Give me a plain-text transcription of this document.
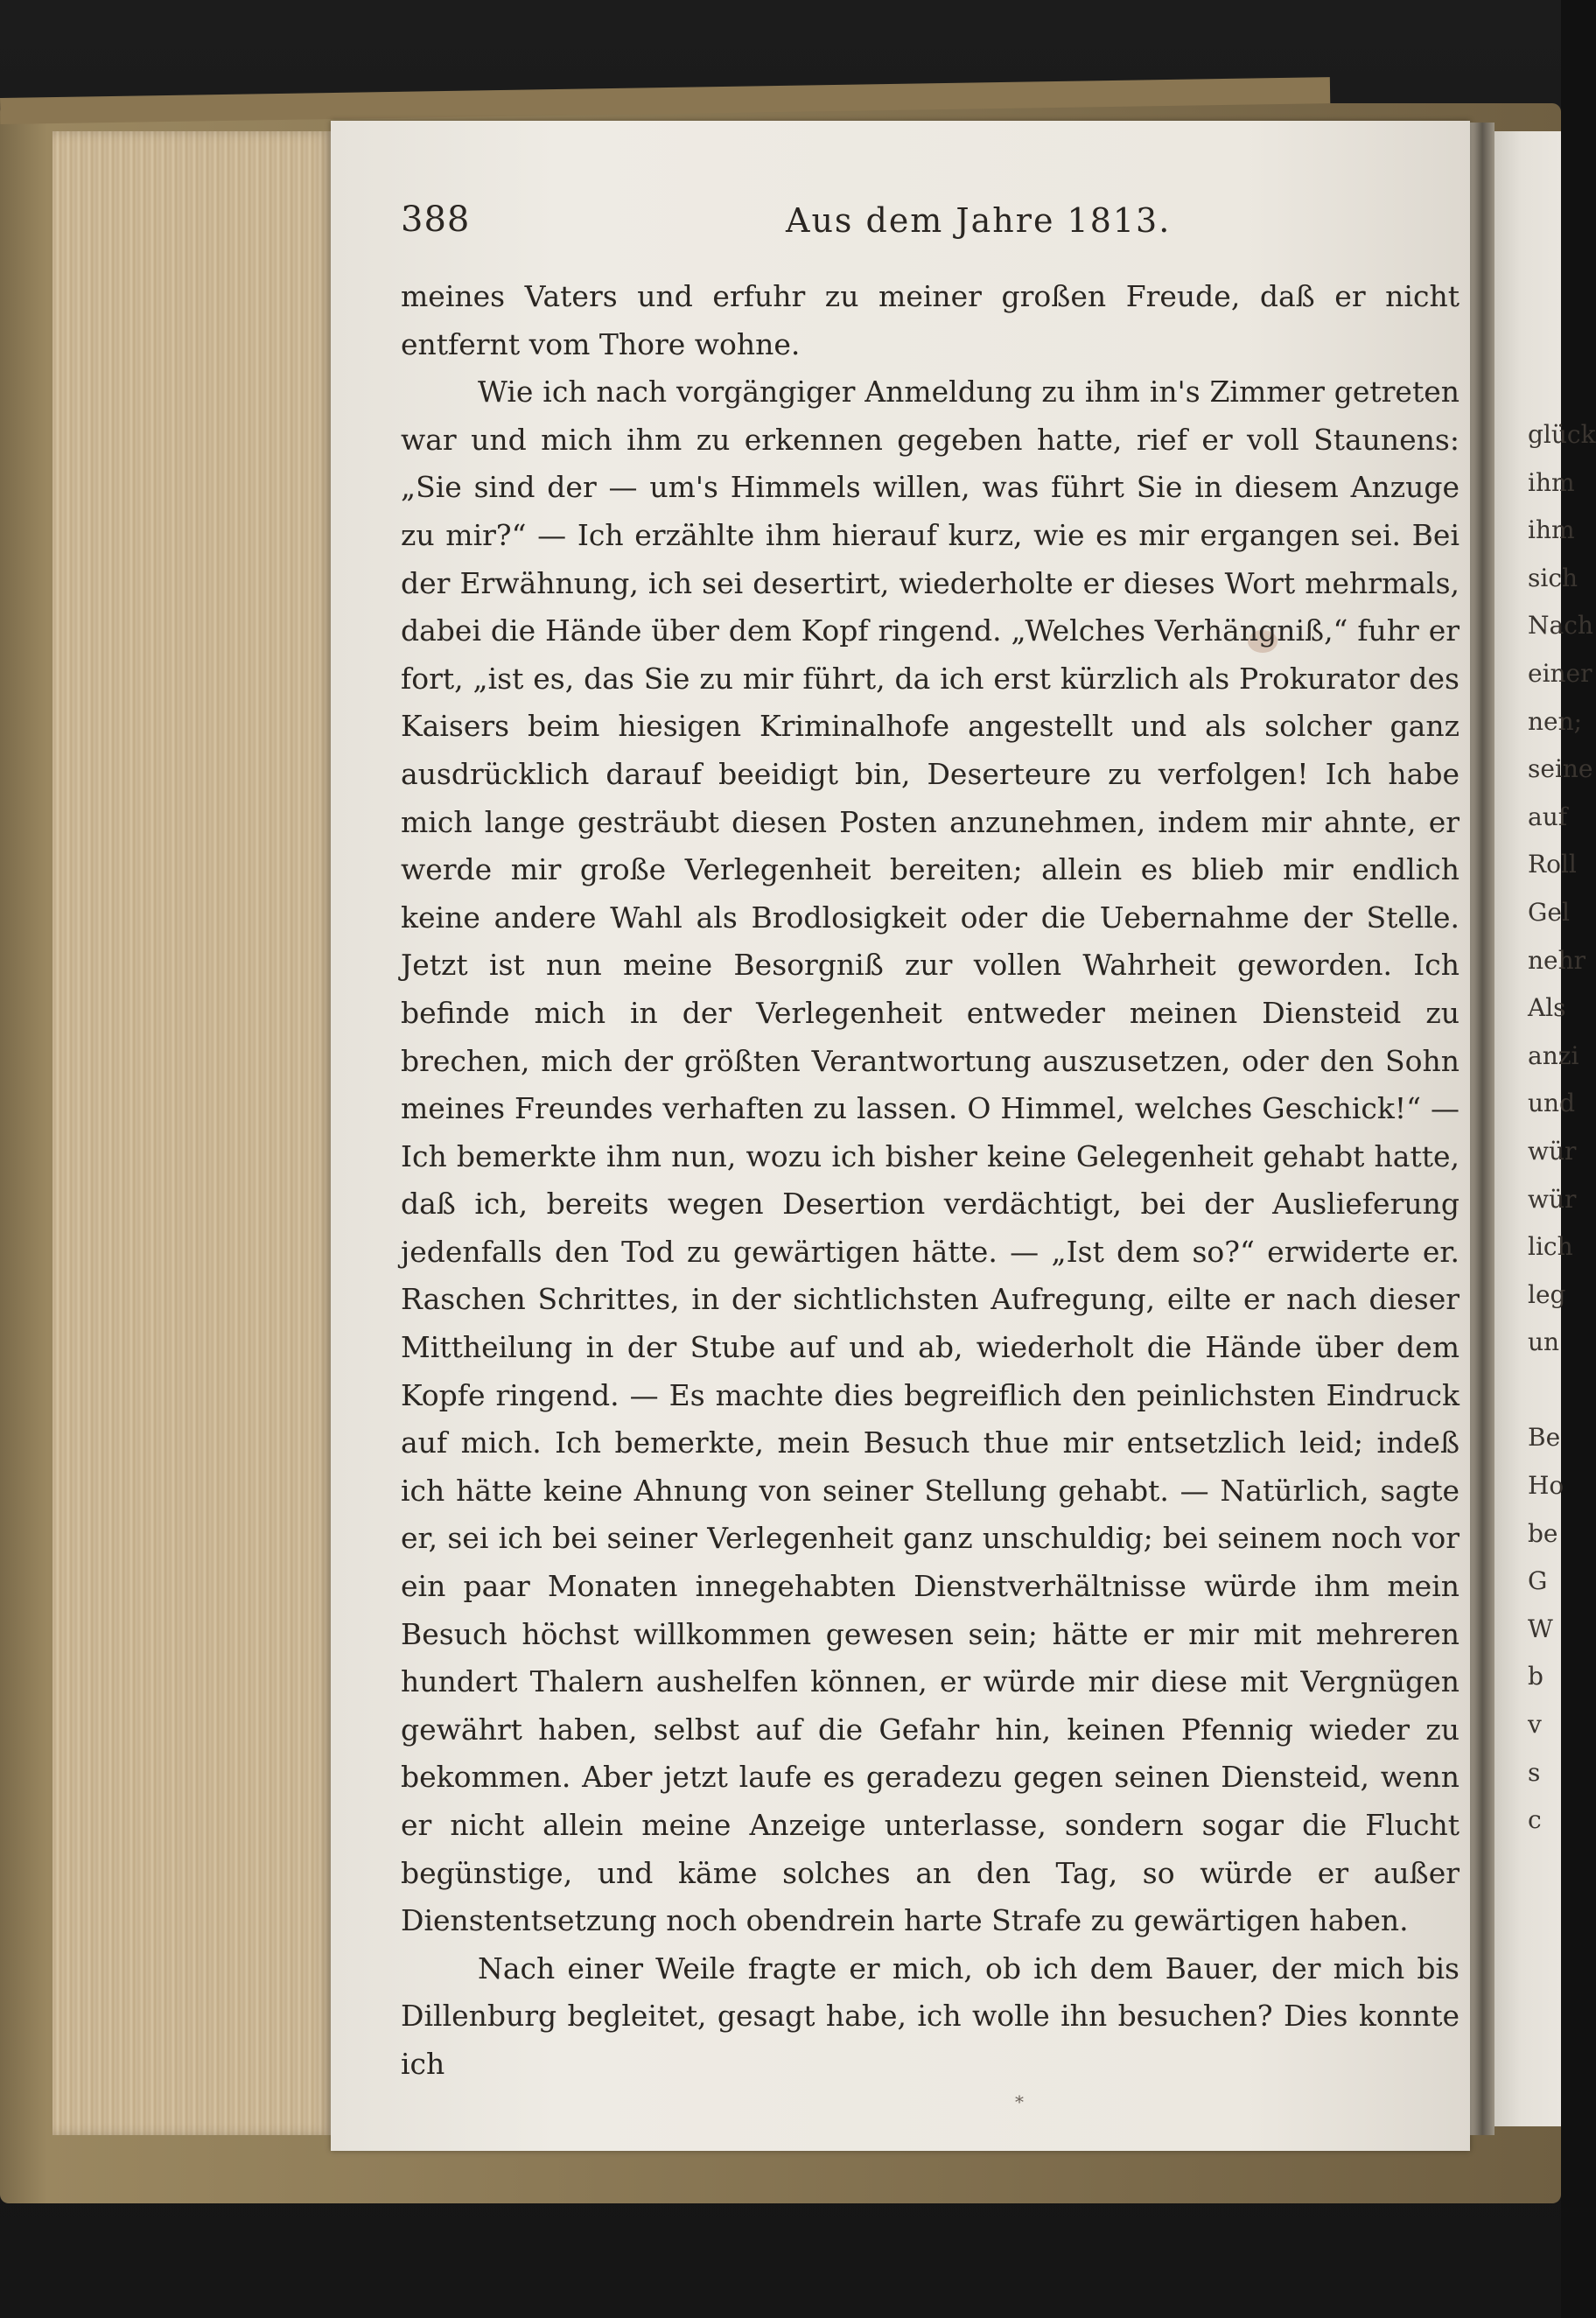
388	Aus dem Jahre 1813.

meines Vaters und erfuhr zu meiner großen Freude, daß er nicht entfernt vom Thore wohne.

Wie ich nach vorgängiger Anmeldung zu ihm in's Zimmer getreten war und mich ihm zu erkennen gegeben hatte, rief er voll Staunens: „Sie sind der — um's Himmels willen, was führt Sie in diesem Anzuge zu mir?“ — Ich erzählte ihm hierauf kurz, wie es mir ergangen sei. Bei der Erwähnung, ich sei desertirt, wiederholte er dieses Wort mehrmals, dabei die Hände über dem Kopf ringend. „Welches Verhängniß,“ fuhr er fort, „ist es, das Sie zu mir führt, da ich erst kürzlich als Prokurator des Kaisers beim hiesigen Kriminalhofe angestellt und als solcher ganz ausdrücklich darauf beeidigt bin, Deserteure zu verfolgen! Ich habe mich lange gesträubt diesen Posten anzunehmen, indem mir ahnte, er werde mir große Verlegenheit bereiten; allein es blieb mir endlich keine andere Wahl als Brodlosigkeit oder die Uebernahme der Stelle. Jetzt ist nun meine Besorgniß zur vollen Wahrheit geworden. Ich befinde mich in der Verlegenheit entweder meinen Diensteid zu brechen, mich der größten Verantwortung auszusetzen, oder den Sohn meines Freundes verhaften zu lassen. O Himmel, welches Geschick!“ — Ich bemerkte ihm nun, wozu ich bisher keine Gelegenheit gehabt hatte, daß ich, bereits wegen Desertion verdächtigt, bei der Auslieferung jedenfalls den Tod zu gewärtigen hätte. — „Ist dem so?“ erwiderte er. Raschen Schrittes, in der sichtlichsten Aufregung, eilte er nach dieser Mittheilung in der Stube auf und ab, wiederholt die Hände über dem Kopfe ringend. — Es machte dies begreiflich den peinlichsten Eindruck auf mich. Ich bemerkte, mein Besuch thue mir entsetzlich leid; indeß ich hätte keine Ahnung von seiner Stellung gehabt. — Natürlich, sagte er, sei ich bei seiner Verlegenheit ganz unschuldig; bei seinem noch vor ein paar Monaten innegehabten Dienstverhältnisse würde ihm mein Besuch höchst willkommen gewesen sein; hätte er mir mit mehreren hundert Thalern aushelfen können, er würde mir diese mit Vergnügen gewährt haben, selbst auf die Gefahr hin, keinen Pfennig wieder zu bekommen. Aber jetzt laufe es geradezu gegen seinen Diensteid, wenn er nicht allein meine Anzeige unterlasse, sondern sogar die Flucht begünstige, und käme solches an den Tag, so würde er außer Dienstentsetzung noch obendrein harte Strafe zu gewärtigen haben.

Nach einer Weile fragte er mich, ob ich dem Bauer, der mich bis Dillenburg begleitet, gesagt habe, ich wolle ihn besuchen? Dies konnte ich

*
glück
ihm
ihm
sich
Nach
einer
nen;
seine
auf
Roll
Gel
nehr
Als
anzi
und
wür
wür
lich
leg
un
Be
Ho
be
G
W
b
v
s
c
